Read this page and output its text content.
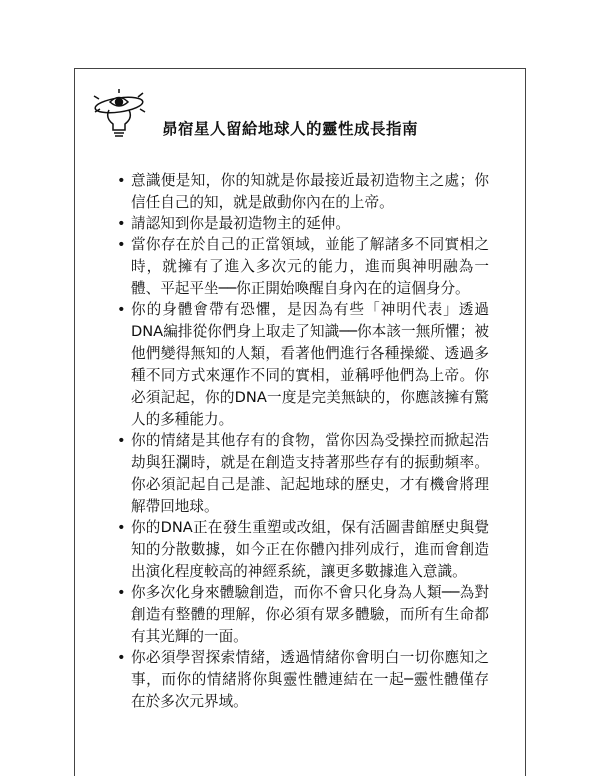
昴宿星人留給地球人的靈性成長指南
• 意識便是知，你的知就是你最接近最初造物主之處；你信任自己的知，就是啟動你內在的上帝。
• 請認知到你是最初造物主的延伸。
• 當你存在於自己的正當領域，並能了解諸多不同實相之時，就擁有了進入多次元的能力，進而與神明融為一體、平起平坐──你正開始喚醒自身內在的這個身分。
• 你的身體會帶有恐懼，是因為有些「神明代表」透過DNA編排從你們身上取走了知識──你本該一無所懼；被他們變得無知的人類，看著他們進行各種操縱、透過多種不同方式來運作不同的實相，並稱呼他們為上帝。你必須記起，你的DNA一度是完美無缺的，你應該擁有驚人的多種能力。
• 你的情緒是其他存有的食物，當你因為受操控而掀起浩劫與狂瀾時，就是在創造支持著那些存有的振動頻率。你必須記起自己是誰、記起地球的歷史，才有機會將理解帶回地球。
• 你的DNA正在發生重塑或改組，保有活圖書館歷史與覺知的分散數據，如今正在你體內排列成行，進而會創造出演化程度較高的神經系統，讓更多數據進入意識。
• 你多次化身來體驗創造，而你不會只化身為人類──為對創造有整體的理解，你必須有眾多體驗，而所有生命都有其光輝的一面。
• 你必須學習探索情緒，透過情緒你會明白一切你應知之事，而你的情緒將你與靈性體連結在一起─靈性體僅存在於多次元界域。
